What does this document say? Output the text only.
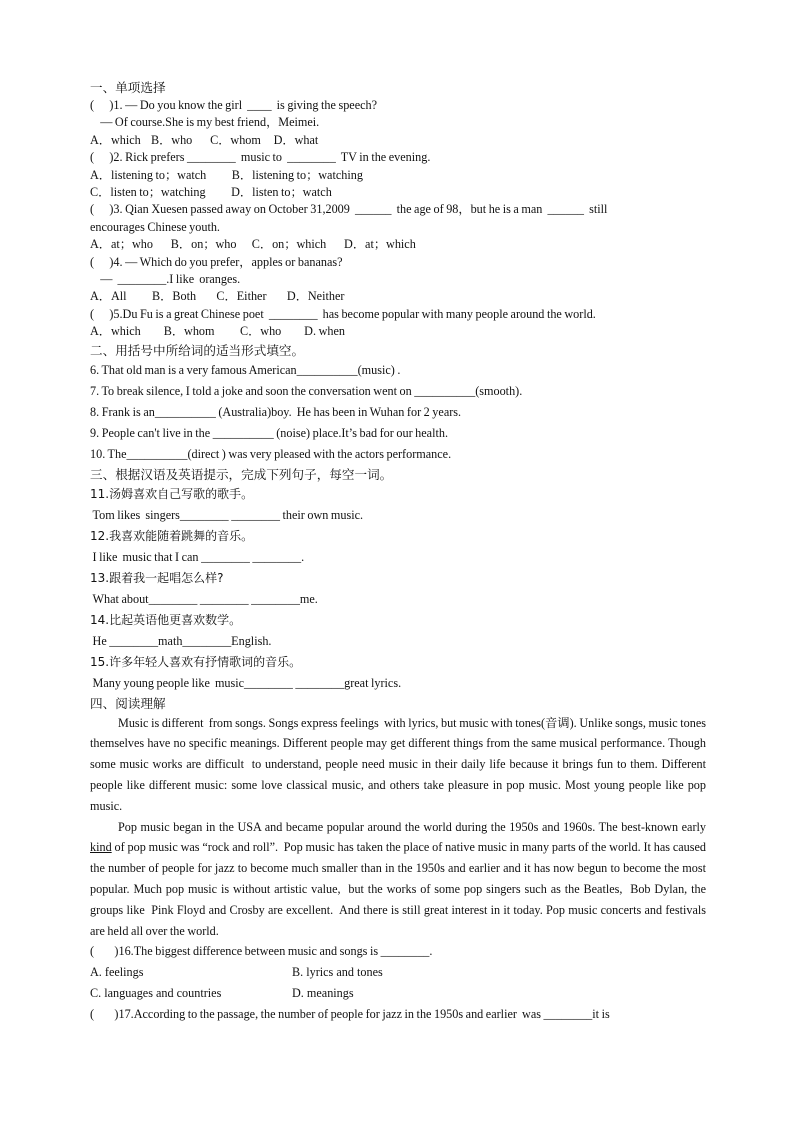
一、单项选择

(      )1. — Do you know the girl  ____  is giving the speech?

— Of course.She is my best friend，Meimei.

A．which    B．who       C．whom     D．what

(      )2. Rick prefers ________  music to  ________  TV in the evening.

A．listening to；watch          B．listening to；watching

C．listen to；watching          D．listen to；watch

(      )3. Qian Xuesen passed away on October 31,2009  ______  the age of 98，but he is a man  ______  still

encourages Chinese youth.

A．at；who       B．on；who      C．on；which       D．at；which

(      )4. — Which do you prefer，apples or bananas?

—  ________.I like  oranges.

A．All          B．Both        C．Either        D．Neither

(      )5.Du Fu is a great Chinese poet  ________  has become popular with many people around the world.

A．which         B．whom          C．who         D. when

二、用括号中所给词的适当形式填空。

6. That old man is a very famous American__________(music) .

7. To break silence, I told a joke and soon the conversation went on __________(smooth).

8. Frank is an__________ (Australia)boy.  He has been in Wuhan for 2 years.

9. People can't live in the __________ (noise) place.It’s bad for our health.

10. The__________(direct ) was very pleased with the actors performance.

三、根据汉语及英语提示，完成下列句子，每空一词。

11.汤姆喜欢自己写歌的歌手。

Tom likes  singers________ ________ their own music.

12.我喜欢能随着跳舞的音乐。

I like  music that I can ________ ________.

13.跟着我一起唱怎么样?

What about________ ________ ________me.

14.比起英语他更喜欢数学。

He ________math________English.

15.许多年轻人喜欢有抒情歌词的音乐。

Many young people like  music________ ________great lyrics.

四、阅读理解

Music is different  from songs. Songs express feelings  with lyrics, but music with tones(音调). Unlike songs, music tones themselves have no specific meanings. Different people may get different things from the same musical performance. Though some music works are difficult  to understand, people need music in their daily life because it brings fun to them. Different people like different music: some love classical music, and others take pleasure in pop music. Most young people like pop music.

Pop music began in the USA and became popular around the world during the 1950s and 1960s. The best-known early kind of pop music was “rock and roll”.  Pop music has taken the place of native music in many parts of the world. It has caused the number of people for jazz to become much smaller than in the 1950s and earlier and it has now begun to become the most popular. Much pop music is without artistic value,  but the works of some pop singers such as the Beatles,  Bob Dylan, the groups like  Pink Floyd and Crosby are excellent.  And there is still great interest in it today. Pop music concerts and festivals are held all over the world.

(        )16.The biggest difference between music and songs is ________.

A. feelings	B. lyrics and tones
C. languages and countries	D. meanings

(        )17.According to the passage, the number of people for jazz in the 1950s and earlier  was ________it is
